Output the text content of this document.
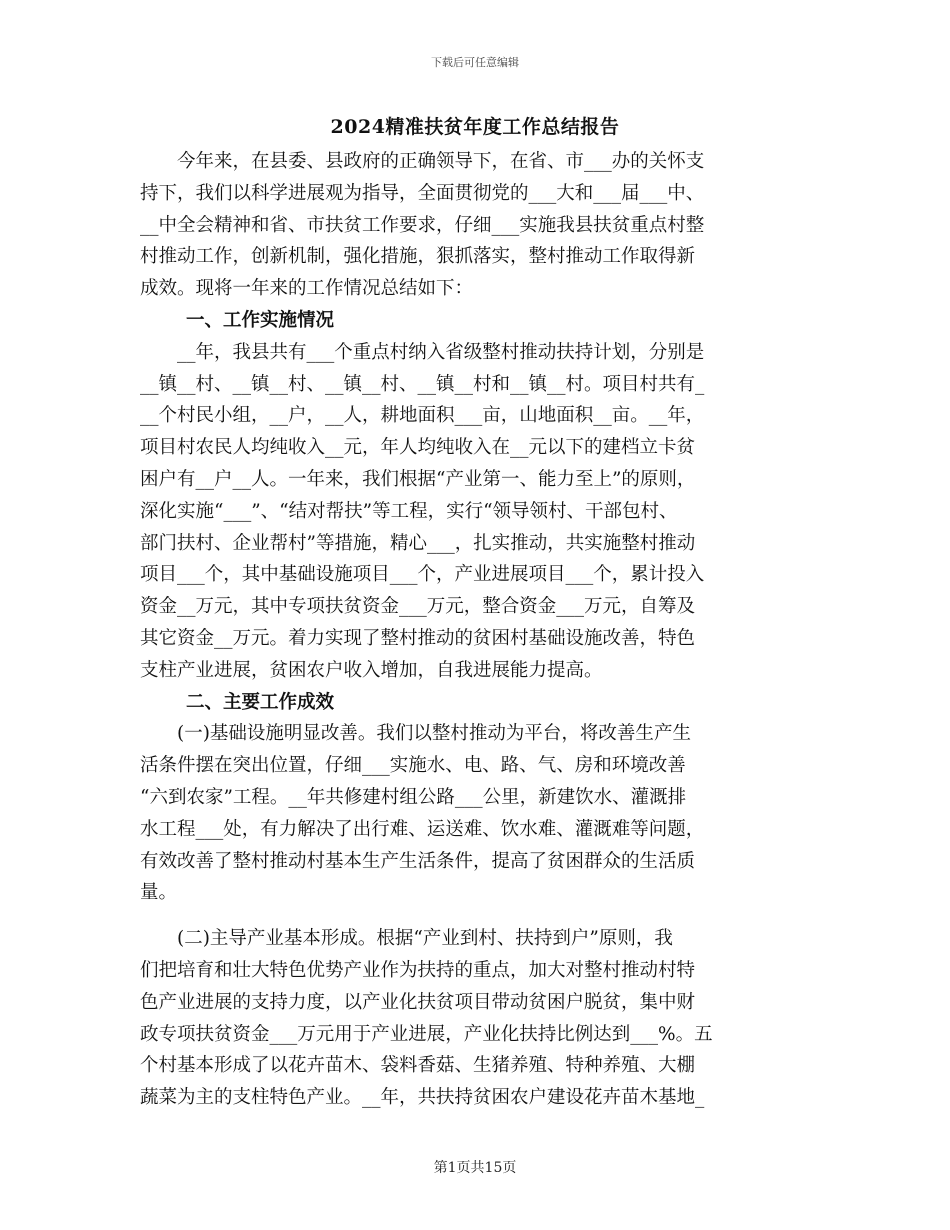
下载后可任意编辑
2024精准扶贫年度工作总结报告
　　今年来，在县委、县政府的正确领导下，在省、市___办的关怀支
持下，我们以科学进展观为指导，全面贯彻党的___大和___届___中、
__中全会精神和省、市扶贫工作要求，仔细___实施我县扶贫重点村整
村推动工作，创新机制，强化措施，狠抓落实，整村推动工作取得新
成效。现将一年来的工作情况总结如下：
一、工作实施情况
　　__年，我县共有___个重点村纳入省级整村推动扶持计划，分别是
__镇__村、__镇__村、__镇__村、__镇__村和__镇__村。项目村共有_
__个村民小组，__户，__人，耕地面积___亩，山地面积__亩。__年，
项目村农民人均纯收入__元，年人均纯收入在__元以下的建档立卡贫
困户有__户__人。一年来，我们根据“产业第一、能力至上”的原则，
深化实施“___”、“结对帮扶”等工程，实行“领导领村、干部包村、
部门扶村、企业帮村”等措施，精心___，扎实推动，共实施整村推动
项目___个，其中基础设施项目___个，产业进展项目___个，累计投入
资金__万元，其中专项扶贫资金___万元，整合资金___万元，自筹及
其它资金__万元。着力实现了整村推动的贫困村基础设施改善，特色
支柱产业进展，贫困农户收入增加，自我进展能力提高。
二、主要工作成效
　　(一)基础设施明显改善。我们以整村推动为平台，将改善生产生
活条件摆在突出位置，仔细___实施水、电、路、气、房和环境改善
“六到农家”工程。__年共修建村组公路___公里，新建饮水、灌溉排
水工程___处，有力解决了出行难、运送难、饮水难、灌溉难等问题，
有效改善了整村推动村基本生产生活条件，提高了贫困群众的生活质
量。
　　(二)主导产业基本形成。根据“产业到村、扶持到户”原则，我
们把培育和壮大特色优势产业作为扶持的重点，加大对整村推动村特
色产业进展的支持力度，以产业化扶贫项目带动贫困户脱贫，集中财
政专项扶贫资金___万元用于产业进展，产业化扶持比例达到___%。五
个村基本形成了以花卉苗木、袋料香菇、生猪养殖、特种养殖、大棚
蔬菜为主的支柱特色产业。__年，共扶持贫困农户建设花卉苗木基地_
第1页共15页
